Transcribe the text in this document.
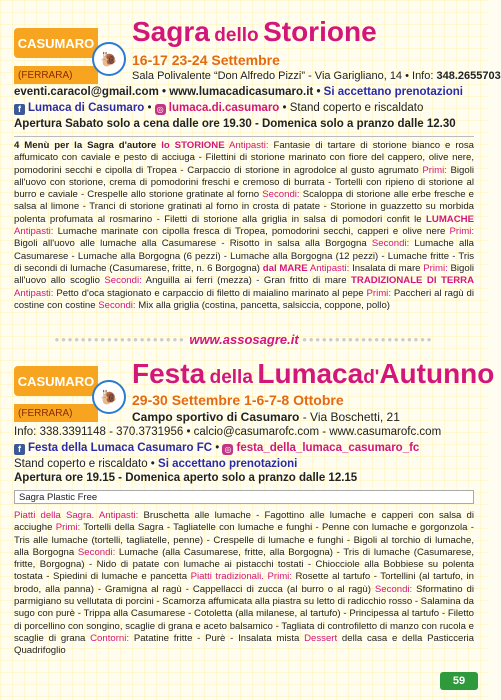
CASUMARO
(FERRARA)
🐌
Sagra dello Storione
16-17 23-24 Settembre
Sala Polivalente “Don Alfredo Pizzi” - Via Garigliano, 14 • Info: 348.2655703
eventi.caracol@gmail.com • www.lumacadicasumaro.it • Si accettano prenotazioni
f Lumaca di Casumaro • ◎ lumaca.di.casumaro • Stand coperto e riscaldato
Apertura Sabato solo a cena dalle ore 19.30 - Domenica solo a pranzo dalle 12.30
4 Menù per la Sagra d'autore lo STORIONE Antipasti: Fantasie di tartare di storione bianco e rosa affumicato con caviale e pesto di acciuga - Filettini di storione marinato con fiore del cappero, olive nere, pomodorini secchi e cipolla di Tropea - Carpaccio di storione in agrodolce al gusto agrumato Primi: Bigoli all'uovo con storione, crema di pomodorini freschi e cremoso di burrata - Tortelli con ripieno di storione al burro e caviale - Crespelle allo storione gratinate al forno Secondi: Scaloppa di storione alle erbe fresche e salsa al limone - Tranci di storione gratinati al forno in crosta di patate - Storione in guazzetto su morbida polenta profumata al rosmarino - Filetti di storione alla griglia in salsa di pomodori confit le LUMACHE Antipasti: Lumache marinate con cipolla fresca di Tropea, pomodorini secchi, capperi e olive nere Primi: Bigoli all'uovo alle lumache alla Casumarese - Risotto in salsa alla Borgogna Secondi: Lumache alla Casumarese - Lumache alla Borgogna (6 pezzi) - Lumache alla Borgogna (12 pezzi) - Lumache fritte - Tris di secondi di lumache (Casumarese, fritte, n. 6 Borgogna) dal MARE Antipasti: Insalata di mare Primi: Bigoli all'uovo allo scoglio Secondi: Anguilla ai ferri (mezza) - Gran fritto di mare TRADIZIONALE DI TERRA Antipasti: Petto d'oca stagionato e carpaccio di filetto di maialino marinato al pepe Primi: Paccheri al ragù di costine con costine Secondi: Mix alla griglia (costina, pancetta, salsiccia, coppone, pollo)
•••••••••••••••••••• www.assosagre.it ••••••••••••••••••••
CASUMARO
(FERRARA)
🐌
Festa della Lumacad'Autunno
29-30 Settembre 1-6-7-8 Ottobre
Campo sportivo di Casumaro - Via Boschetti, 21
Info: 338.3391148 - 370.3731956 • calcio@casumarofc.com - www.casumarofc.com
f Festa della Lumaca Casumaro FC • ◎ festa_della_lumaca_casumaro_fc
Stand coperto e riscaldato • Si accettano prenotazioni
Apertura ore 19.15 - Domenica aperto solo a pranzo dalle 12.15
Sagra Plastic Free
Piatti della Sagra. Antipasti: Bruschetta alle lumache - Fagottino alle lumache e capperi con salsa di acciughe Primi: Tortelli della Sagra - Tagliatelle con lumache e funghi - Penne con lumache e gorgonzola - Tris alle lumache (tortelli, tagliatelle, penne) - Crespelle di lumache e funghi - Bigoli al torchio di lumache, alla Borgogna Secondi: Lumache (alla Casumarese, fritte, alla Borgogna) - Tris di lumache (Casumarese, fritte, Borgogna) - Nido di patate con lumache ai pistacchi tostati - Chiocciole alla Bobbiese su polenta tostata - Spiedini di lumache e pancetta Piatti tradizionali. Primi: Rosette al tartufo - Tortellini (al tartufo, in brodo, alla panna) - Gramigna al ragù - Cappellacci di zucca (al burro o al ragù) Secondi: Sformatino di parmigiano su vellutata di porcini - Scamorza affumicata alla piastra su letto di radicchio rosso - Salamina da sugo con purè - Trippa alla Casumarese - Cotoletta (alla milanese, al tartufo) - Principessa al tartufo - Filetto di porcellino con songino, scaglie di grana e aceto balsamico - Tagliata di controfiletto di manzo con rucola e scaglie di grana Contorni: Patatine fritte - Purè - Insalata mista Dessert della casa e della Pasticceria Quadrifoglio
59
